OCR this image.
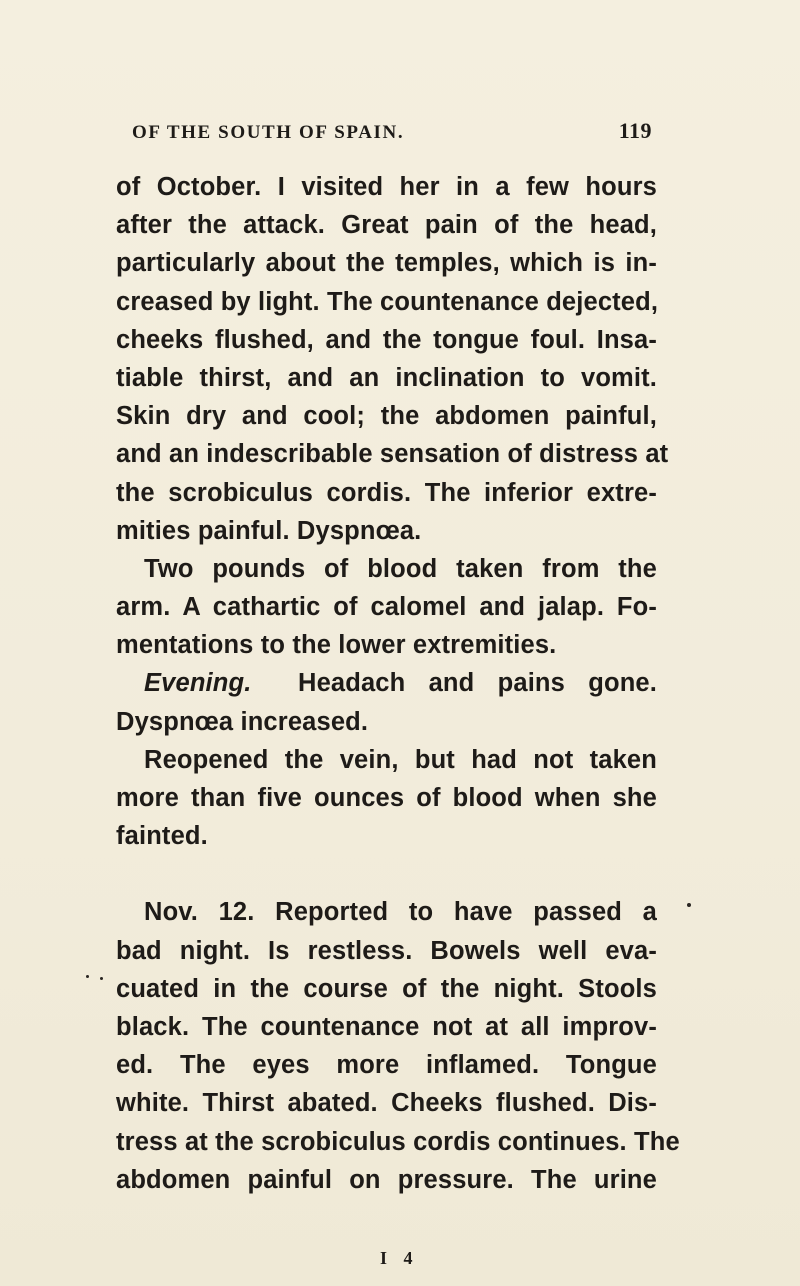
OF THE SOUTH OF SPAIN.	119
of October. I visited her in a few hours
after the attack. Great pain of the head,
particularly about the temples, which is in-
creased by light. The countenance dejected,
cheeks flushed, and the tongue foul. Insa-
tiable thirst, and an inclination to vomit.
Skin dry and cool; the abdomen painful,
and an indescribable sensation of distress at
the scrobiculus cordis. The inferior extre-
mities painful. Dyspnœa.
Two pounds of blood taken from the
arm. A cathartic of calomel and jalap. Fo-
mentations to the lower extremities.
Evening. Headach and pains gone.
Dyspnœa increased.
Reopened the vein, but had not taken
more than five ounces of blood when she
fainted.
Nov. 12. Reported to have passed a
bad night. Is restless. Bowels well eva-
cuated in the course of the night. Stools
black. The countenance not at all improv-
ed. The eyes more inflamed. Tongue
white. Thirst abated. Cheeks flushed. Dis-
tress at the scrobiculus cordis continues. The
abdomen painful on pressure. The urine
I 4
